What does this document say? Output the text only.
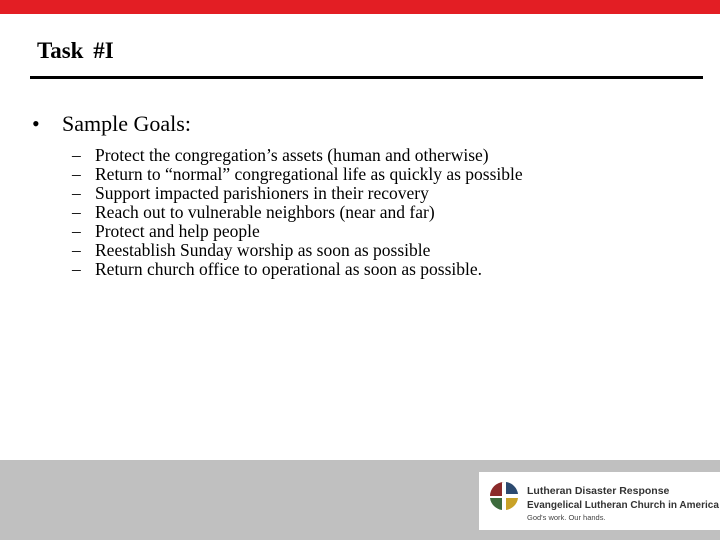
Task #I
• Sample Goals:
– Protect the congregation’s assets (human and otherwise)
– Return to “normal” congregational life as quickly as possible
– Support impacted parishioners in their recovery
– Reach out to vulnerable neighbors (near and far)
– Protect and help people
– Reestablish Sunday worship as soon as possible
– Return church office to operational as soon as possible.
Lutheran Disaster Response
Evangelical Lutheran Church in America
God's work. Our hands.
